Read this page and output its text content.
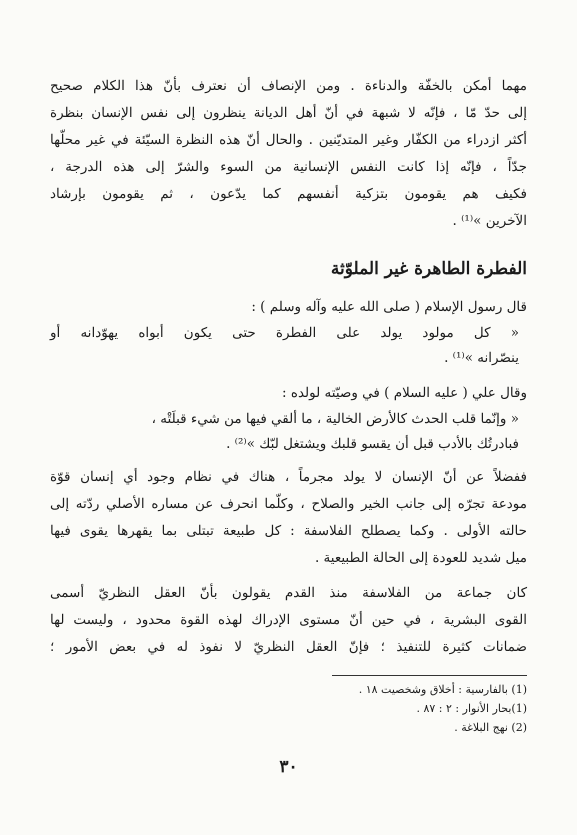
مهما أمكن بالخفّة والدناءة . ومن الإنصاف أن نعترف بأنّ هذا الكلام صحيح
إلى حدّ مّا ، فإنّه لا شبهة في أنّ أهل الديانة ينظرون إلى نفس الإنسان بنظرة
أكثر ازدراء من الكفّار وغير المتديّنين . والحال أنّ هذه النظرة السيّئة في غير محلّها
جدّاً ، فإنّه إذا كانت النفس الإنسانية من السوء والشرّ إلى هذه الدرجة ،
فكيف هم يقومون بتزكية أنفسهم كما يدّعون ، ثم يقومون بإرشاد
الآخرين »⁽¹⁾ .
الفطرة الطاهرة غير الملوّثة
قال رسول الإسلام ( صلى الله عليه وآله وسلم ) :
« كل مولود يولد على الفطرة حتى يكون أبواه يهوّدانه أو
ينصّرانه »⁽¹⁾ .
وقال علي ( عليه السلام ) في وصيّته لولده :
« وإنّما قلب الحدث كالأرض الخالية ، ما ألقي فيها من شيء قبلَتْه ،
فبادرتُك بالأدب قبل أن يقسو قلبك ويشتغل لبّك »⁽²⁾ .
ففضلاً عن أنّ الإنسان لا يولد مجرماً ، هناك في نظام وجود أي إنسان قوّة
مودعة تجرّه إلى جانب الخير والصلاح ، وكلّما انحرف عن مساره الأصلي ردّته إلى
حالته الأولى . وكما يصطلح الفلاسفة : كل طبيعة تبتلى بما يقهرها يقوى فيها
ميل شديد للعودة إلى الحالة الطبيعية .
كان جماعة من الفلاسفة منذ القدم يقولون بأنّ العقل النظريّ أسمى
القوى البشرية ، في حين أنّ مستوى الإدراك لهذه القوة محدود ، وليست لها
ضمانات كثيرة للتنفيذ ؛ فإنّ العقل النظريّ لا نفوذ له في بعض الأمور ؛
(1) بالفارسية : أخلاق وشخصيت ١٨ .
(1)بحار الأنوار : ٢ : ٨٧ .
(2) نهج البلاغة .
٣٠
